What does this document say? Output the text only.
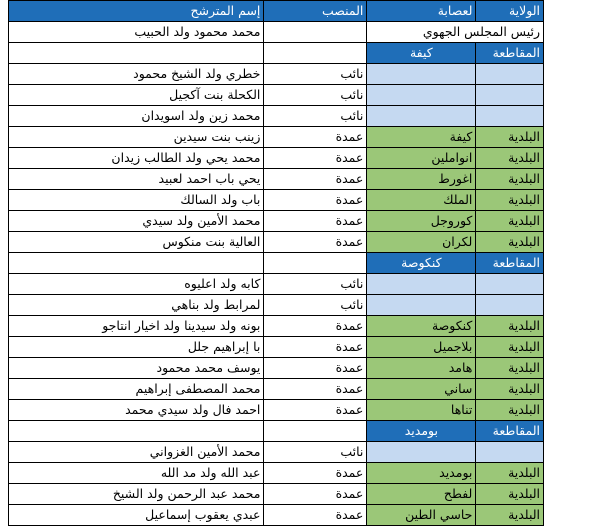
الولاية	لعصابة	المنصب	إسم المترشح
رئيس المجلس الجهوي			محمد محمود ولد الحبيب
المقاطعة	كيفة		
		نائب	خطري ولد الشيخ محمود
		نائب	الكحلة بنت آكجيل
		نائب	محمد زين ولد اسويدان
البلدية	كيفة	عمدة	زينب بنت سيدين
البلدية	انواملين	عمدة	محمد يحي ولد الطالب زيدان
البلدية	اغورط	عمدة	يحي باب احمد لعبيد
البلدية	الملك	عمدة	باب ولد السالك
البلدية	كوروجل	عمدة	محمد الأمين ولد سيدي
البلدية	لكران	عمدة	العالية بنت منكوس
المقاطعة	كنكوصة		
		نائب	كابه ولد اعليوه
		نائب	لمرابط ولد بناهي
البلدية	كنكوصة	عمدة	بونه ولد سيدينا ولد اخيار انتاجو
البلدية	بلاجميل	عمدة	با إبراهيم جلل
البلدية	هامد	عمدة	يوسف محمد محمود
البلدية	ساني	عمدة	محمد المصطفى إبراهيم
البلدية	تناها	عمدة	احمد فال ولد سيدي محمد
المقاطعة	بومديد		
		نائب	محمد الأمين الغزواني
البلدية	بومديد	عمدة	عبد الله ولد مد الله
البلدية	لفطح	عمدة	محمد عبد الرحمن ولد الشيخ
البلدية	حاسي الطين	عمدة	عبدي يعقوب إسماعيل
